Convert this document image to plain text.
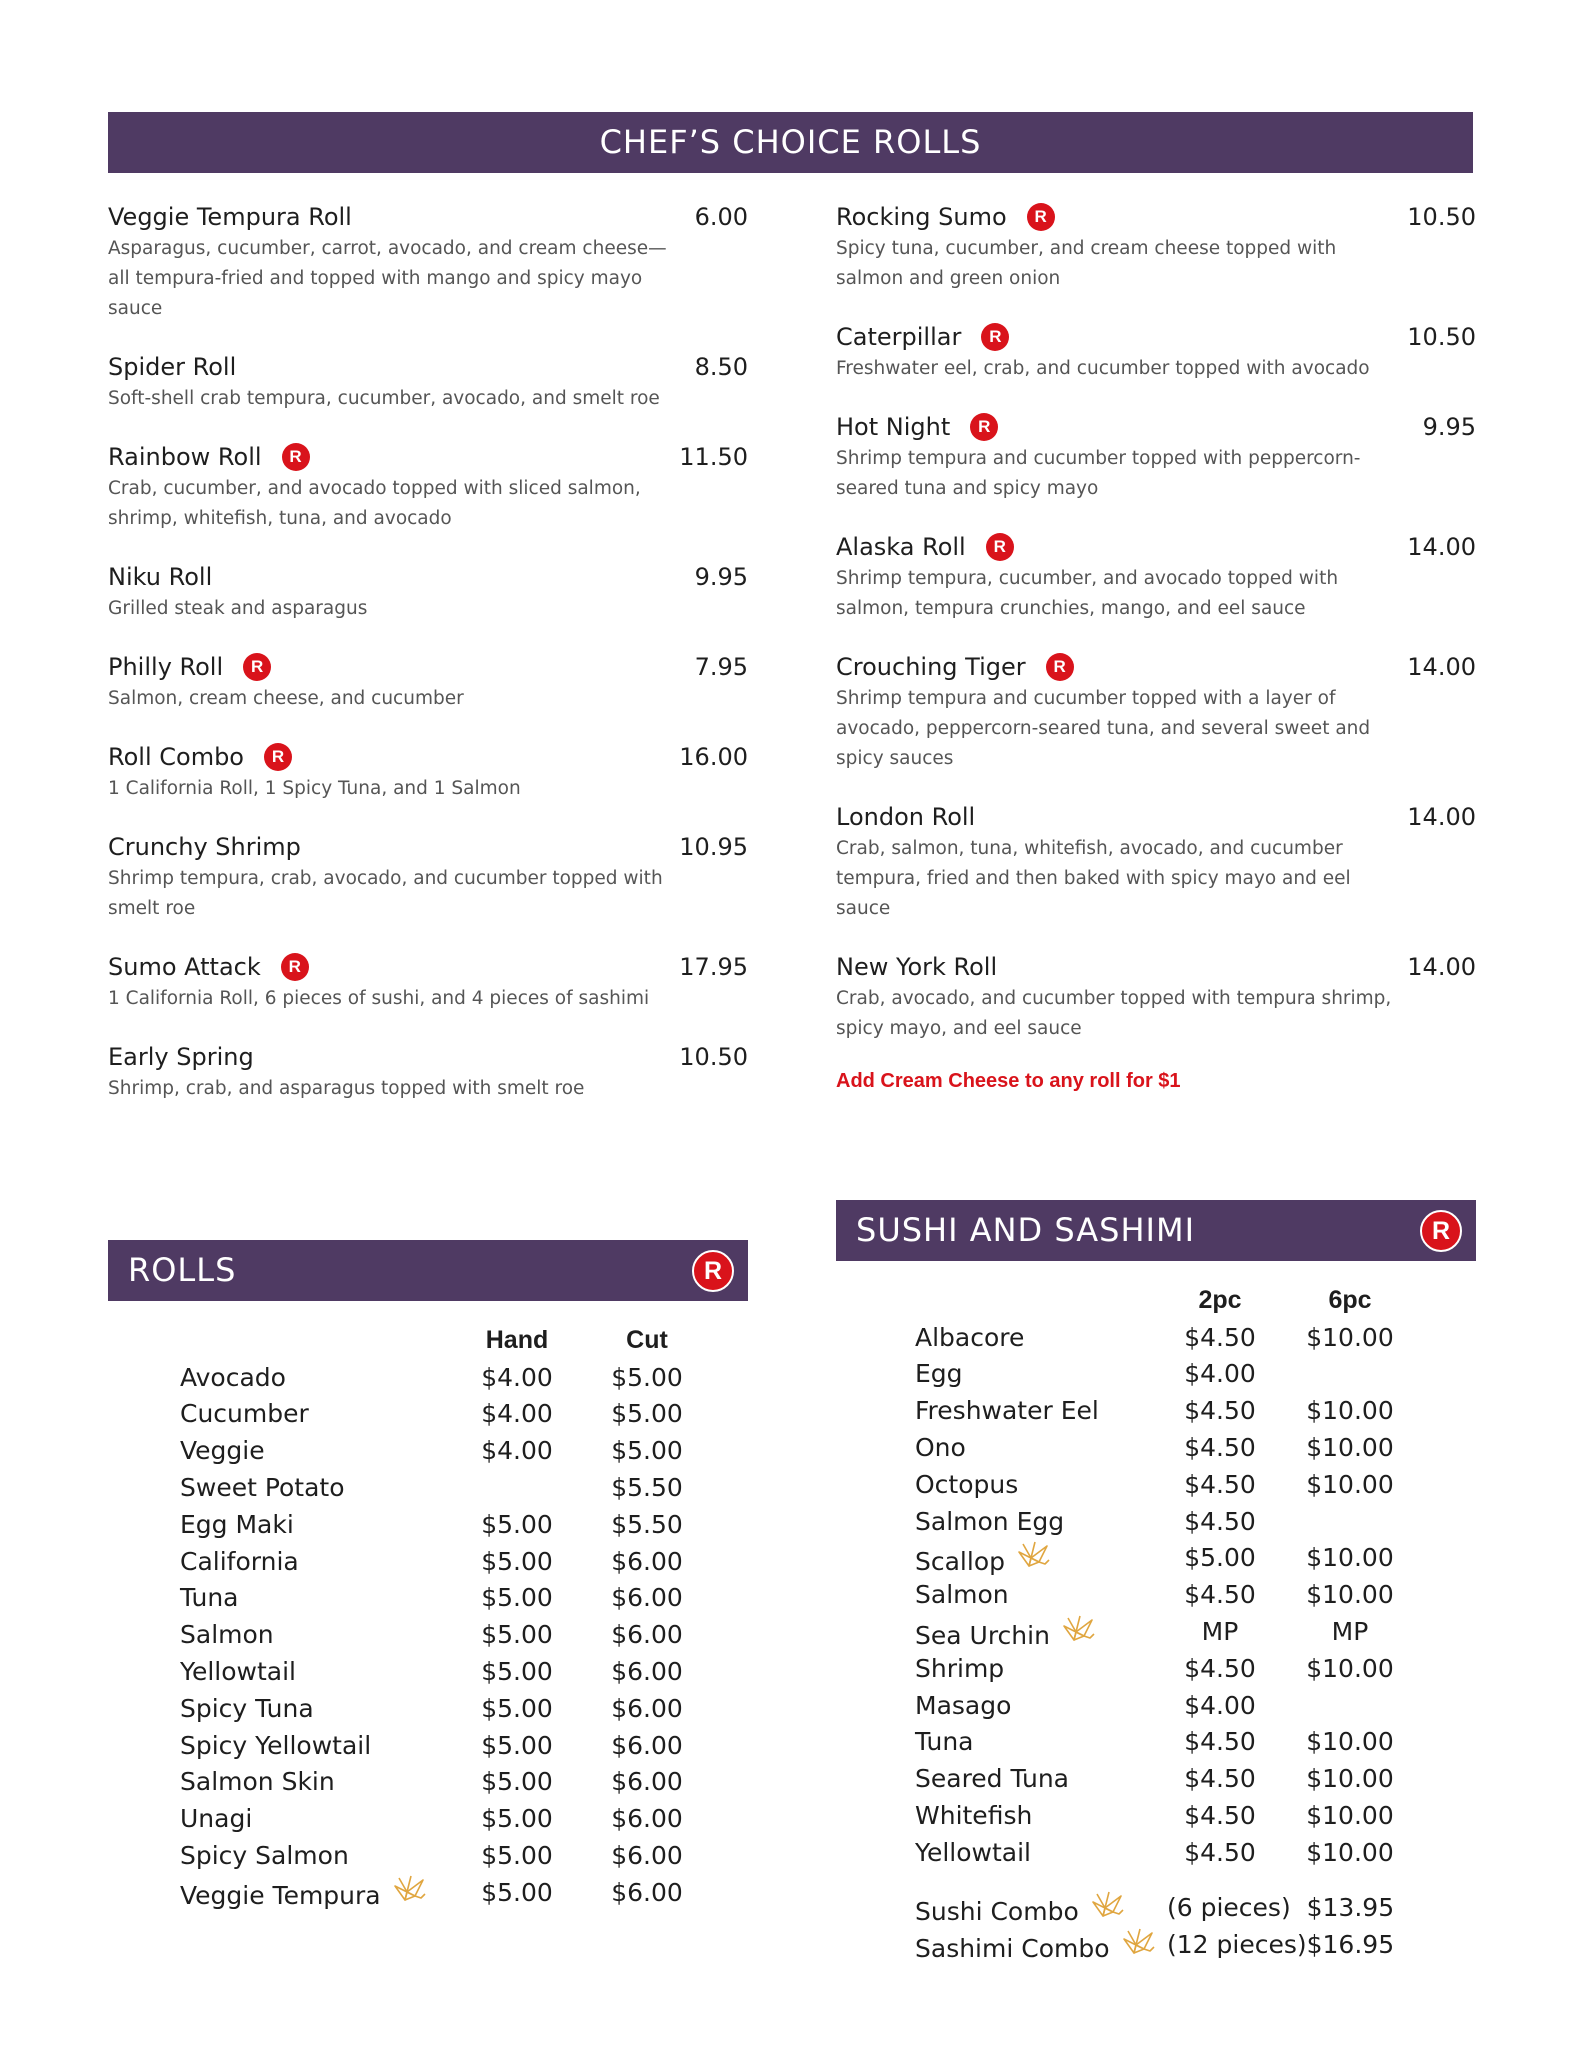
CHEF’S CHOICE ROLLS
Veggie Tempura Roll	6.00
Asparagus, cucumber, carrot, avocado, and cream cheese—all tempura-fried and topped with mango and spicy mayo sauce
Spider Roll	8.50
Soft-shell crab tempura, cucumber, avocado, and smelt roe
Rainbow Roll	R	11.50
Crab, cucumber, and avocado topped with sliced salmon, shrimp, whitefish, tuna, and avocado
Niku Roll	9.95
Grilled steak and asparagus
Philly Roll	R	7.95
Salmon, cream cheese, and cucumber
Roll Combo	R	16.00
1 California Roll, 1 Spicy Tuna, and 1 Salmon
Crunchy Shrimp	10.95
Shrimp tempura, crab, avocado, and cucumber topped with smelt roe
Sumo Attack	R	17.95
1 California Roll, 6 pieces of sushi, and 4 pieces of sashimi
Early Spring	10.50
Shrimp, crab, and asparagus topped with smelt roe
Rocking Sumo	R	10.50
Spicy tuna, cucumber, and cream cheese topped with salmon and green onion
Caterpillar	R	10.50
Freshwater eel, crab, and cucumber topped with avocado
Hot Night	R	9.95
Shrimp tempura and cucumber topped with peppercorn-seared tuna and spicy mayo
Alaska Roll	R	14.00
Shrimp tempura, cucumber, and avocado topped with salmon, tempura crunchies, mango, and eel sauce
Crouching Tiger	R	14.00
Shrimp tempura and cucumber topped with a layer of avocado, peppercorn-seared tuna, and several sweet and spicy sauces
London Roll	14.00
Crab, salmon, tuna, whitefish, avocado, and cucumber tempura, fried and then baked with spicy mayo and eel sauce
New York Roll	14.00
Crab, avocado, and cucumber topped with tempura shrimp, spicy mayo, and eel sauce
Add Cream Cheese to any roll for $1
ROLLS	R
	Hand	Cut
Avocado	$4.00	$5.00
Cucumber	$4.00	$5.00
Veggie	$4.00	$5.00
Sweet Potato		$5.50
Egg Maki	$5.00	$5.50
California	$5.00	$6.00
Tuna	$5.00	$6.00
Salmon	$5.00	$6.00
Yellowtail	$5.00	$6.00
Spicy Tuna	$5.00	$6.00
Spicy Yellowtail	$5.00	$6.00
Salmon Skin	$5.00	$6.00
Unagi	$5.00	$6.00
Spicy Salmon	$5.00	$6.00
Veggie Tempura	$5.00	$6.00
SUSHI AND SASHIMI	R
	2pc	6pc
Albacore	$4.50	$10.00
Egg	$4.00	
Freshwater Eel	$4.50	$10.00
Ono	$4.50	$10.00
Octopus	$4.50	$10.00
Salmon Egg	$4.50	
Scallop	$5.00	$10.00
Salmon	$4.50	$10.00
Sea Urchin	MP	MP
Shrimp	$4.50	$10.00
Masago	$4.00	
Tuna	$4.50	$10.00
Seared Tuna	$4.50	$10.00
Whitefish	$4.50	$10.00
Yellowtail	$4.50	$10.00
Sushi Combo	(6 pieces)	$13.95
Sashimi Combo	(12 pieces)	$16.95
